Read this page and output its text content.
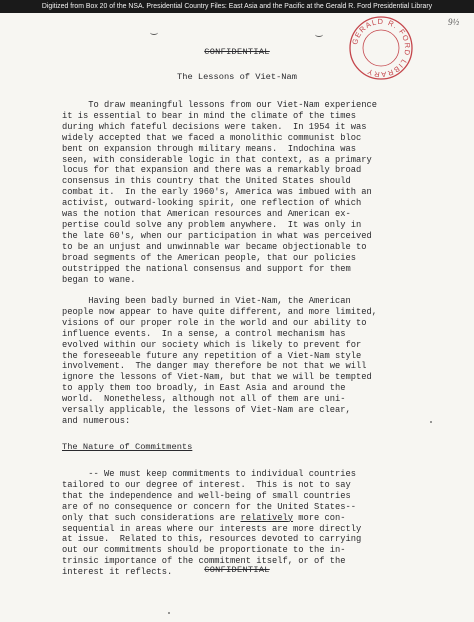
Digitized from Box 20 of the NSA. Presidential Country Files: East Asia and the Pacific at the Gerald R. Ford Presidential Library
9½
GERALD R. FORD LIBRARY
CONFIDENTIAL
The Lessons of Viet-Nam
To draw meaningful lessons from our Viet-Nam experience
it is essential to bear in mind the climate of the times
during which fateful decisions were taken.  In 1954 it was
widely accepted that we faced a monolithic communist bloc
bent on expansion through military means.  Indochina was
seen, with considerable logic in that context, as a primary
locus for that expansion and there was a remarkably broad
consensus in this country that the United States should
combat it.  In the early 1960's, America was imbued with an
activist, outward-looking spirit, one reflection of which
was the notion that American resources and American ex-
pertise could solve any problem anywhere.  It was only in
the late 60's, when our participation in what was perceived
to be an unjust and unwinnable war became objectionable to
broad segments of the American people, that our policies
outstripped the national consensus and support for them
began to wane.
Having been badly burned in Viet-Nam, the American
people now appear to have quite different, and more limited,
visions of our proper role in the world and our ability to
influence events.  In a sense, a control mechanism has
evolved within our society which is likely to prevent for
the foreseeable future any repetition of a Viet-Nam style
involvement.  The danger may therefore be not that we will
ignore the lessons of Viet-Nam, but that we will be tempted
to apply them too broadly, in East Asia and around the
world.  Nonetheless, although not all of them are uni-
versally applicable, the lessons of Viet-Nam are clear,
and numerous:
The Nature of Commitments
-- We must keep commitments to individual countries
tailored to our degree of interest.  This is not to say
that the independence and well-being of small countries
are of no consequence or concern for the United States--
only that such considerations are relatively more con-
sequential in areas where our interests are more directly
at issue.  Related to this, resources devoted to carrying
out our commitments should be proportionate to the in-
trinsic importance of the commitment itself, or of the
interest it reflects.	CONFIDENTIAL
